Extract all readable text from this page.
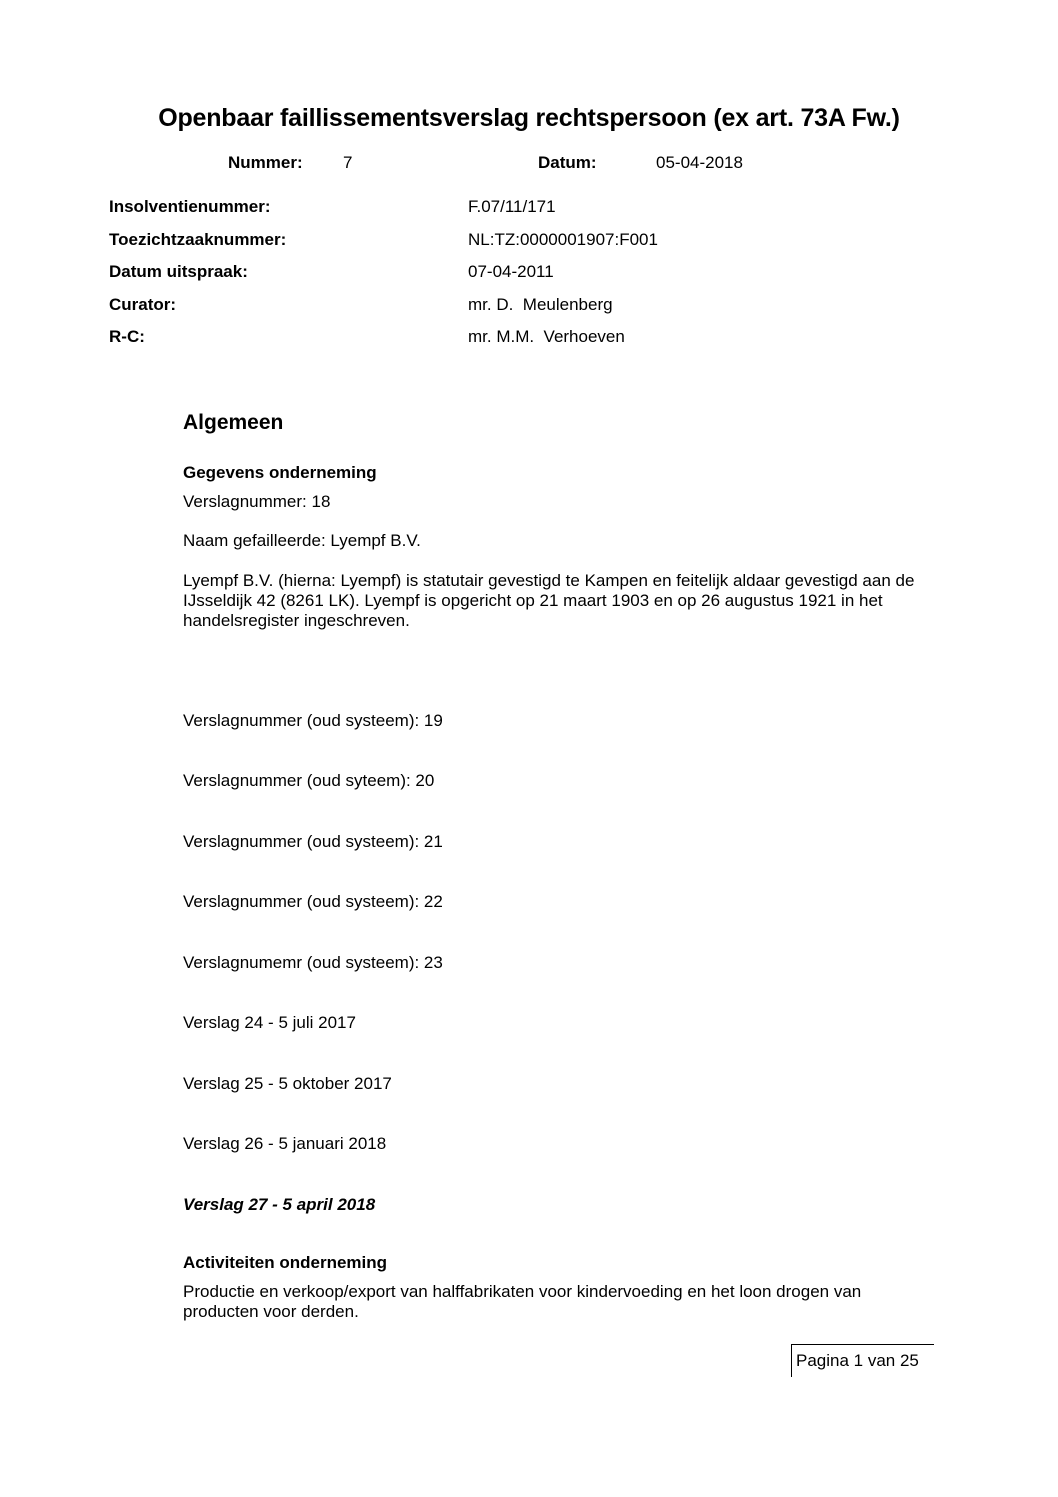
Openbaar faillissementsverslag rechtspersoon (ex art. 73A Fw.)
Nummer: 7	Datum:	05-04-2018
Insolventienummer:	F.07/11/171
Toezichtzaaknummer:	NL:TZ:0000001907:F001
Datum uitspraak:	07-04-2011
Curator:	mr. D.  Meulenberg
R-C:	mr. M.M.  Verhoeven
Algemeen
Gegevens onderneming
Verslagnummer: 18
Naam gefailleerde: Lyempf B.V.
Lyempf B.V. (hierna: Lyempf) is statutair gevestigd te Kampen en feitelijk aldaar gevestigd aan de IJsseldijk 42 (8261 LK). Lyempf is opgericht op 21 maart 1903 en op 26 augustus 1921 in het handelsregister ingeschreven.
Verslagnummer (oud systeem): 19
Verslagnummer (oud syteem): 20
Verslagnummer (oud systeem): 21
Verslagnummer (oud systeem): 22
Verslagnumemr (oud systeem): 23
Verslag 24 - 5 juli 2017
Verslag 25 - 5 oktober 2017
Verslag 26 - 5 januari 2018
Verslag 27 - 5 april 2018
Activiteiten onderneming
Productie en verkoop/export van halffabrikaten voor kindervoeding en het loon drogen van producten voor derden.
Pagina 1 van 25
